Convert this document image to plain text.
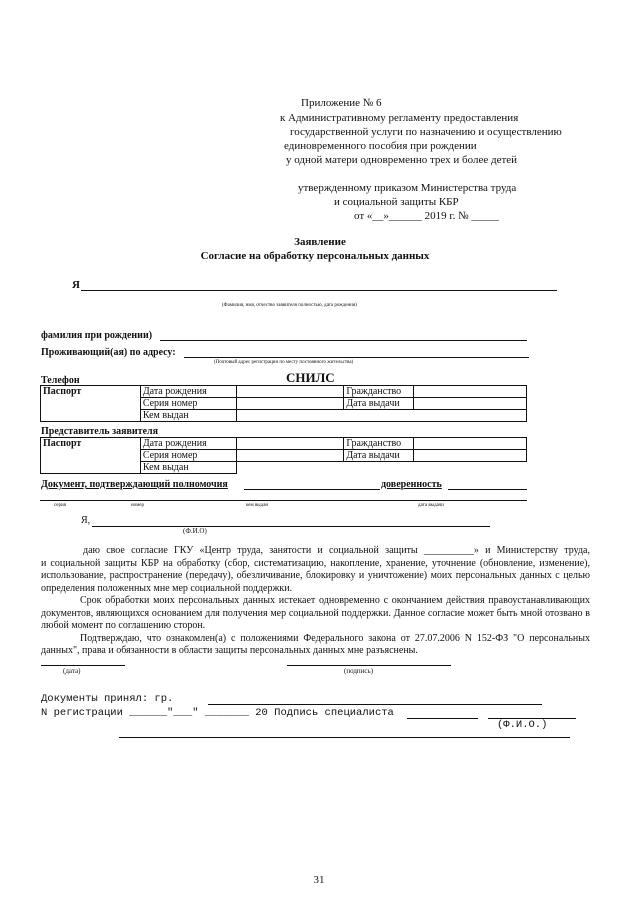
Приложение № 6
к Административному регламенту предоставления
государственной услуги по назначению и осуществлению
единовременного пособия при рождении
у одной матери одновременно трех и более детей
утвержденному приказом Министерства труда
и социальной защиты КБР
от «__»______ 2019 г. № _____
Заявление
Согласие на обработку персональных данных
Я
(Фамилия, имя, отчество заявителя полностью, дата рождения)
фамилия при рождении)
Проживающий(ая) по адресу:
(Почтовый адрес регистрации по месту постоянного жительства)
Телефон	СНИЛС
Паспорт	Дата рождения		Гражданство	
	Серия номер		Дата выдачи	
	Кем выдан			
Представитель заявителя
Паспорт	Дата рождения		Гражданство	
	Серия номер		Дата выдачи	
	Кем выдан			
Документ, подтверждающий полномочия	доверенность
серия	номер	кем выдан	дата выдачи
Я,
(Ф.И.О)

даю свое согласие ГКУ «Центр труда, занятости и социальной защиты __________» и Министерству труда,

и социальной защиты КБР на обработку (сбор, систематизацию, накопление, хранение, уточнение (обновление, изменение), использование, распространение (передачу), обезличивание, блокировку и уничтожение) моих персональных данных с целью определения положенных мне мер социальной поддержки.

Срок обработки моих персональных данных истекает одновременно с окончанием действия правоустанавливающих документов, являющихся основанием для получения мер социальной поддержки. Данное согласие может быть мной отозвано в любой момент по соглашению сторон.

Подтверждаю, что ознакомлен(а) с положениями Федерального закона от 27.07.2006 N 152-ФЗ "О персональных данных", права и обязанности в области защиты персональных данных мне разъяснены.

(дата)	(подпись)
Документы принял: гр.
N регистрации ______"___" _______ 20 Подпись специалиста
(Ф.И.О.)
31
